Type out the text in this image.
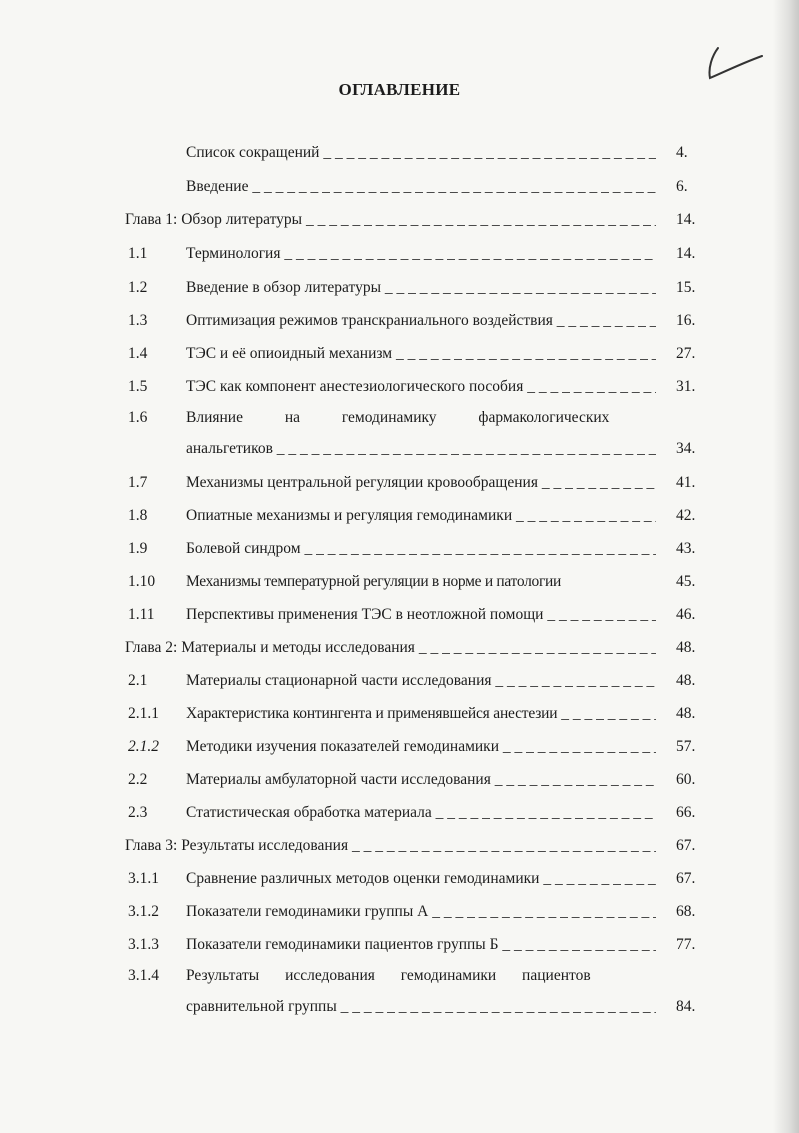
ОГЛАВЛЕНИЕ
Список сокращений _ _ _	4.
Введение _ _ _	6.
Глава 1: Обзор литературы _ _ _	14.
1.1 Терминология _ _ _	14.
1.2 Введение в обзор литературы _ _ _	15.
1.3 Оптимизация режимов транскраниального воздействия _ _ _	16.
1.4 ТЭС и её опиоидный механизм _ _ _	27.
1.5 ТЭС как компонент анестезиологического пособия _ _ _	31.
1.6 Влияние на гемодинамику фармакологических
анальгетиков _ _ _	34.
1.7 Механизмы центральной регуляции кровообращения _ _ _	41.
1.8 Опиатные механизмы и регуляция гемодинамики _ _ _	42.
1.9 Болевой синдром _ _ _	43.
1.10 Механизмы температурной регуляции в норме и патологии	45.
1.11 Перспективы применения ТЭС в неотложной помощи _ _ _	46.
Глава 2: Материалы и методы исследования _ _ _	48.
2.1 Материалы стационарной части исследования _ _ _	48.
2.1.1 Характеристика контингента и применявшейся анестезии _ _ _	48.
2.1.2 Методики изучения показателей гемодинамики _ _ _	57.
2.2 Материалы амбулаторной части исследования _ _ _	60.
2.3 Статистическая обработка материала _ _ _	66.
Глава 3: Результаты исследования _ _ _	67.
3.1.1 Сравнение различных методов оценки гемодинамики _ _ _	67.
3.1.2 Показатели гемодинамики группы А _ _ _	68.
3.1.3 Показатели гемодинамики пациентов группы Б _ _ _	77.
3.1.4 Результаты исследования гемодинамики пациентов
сравнительной группы _ _ _	84.
